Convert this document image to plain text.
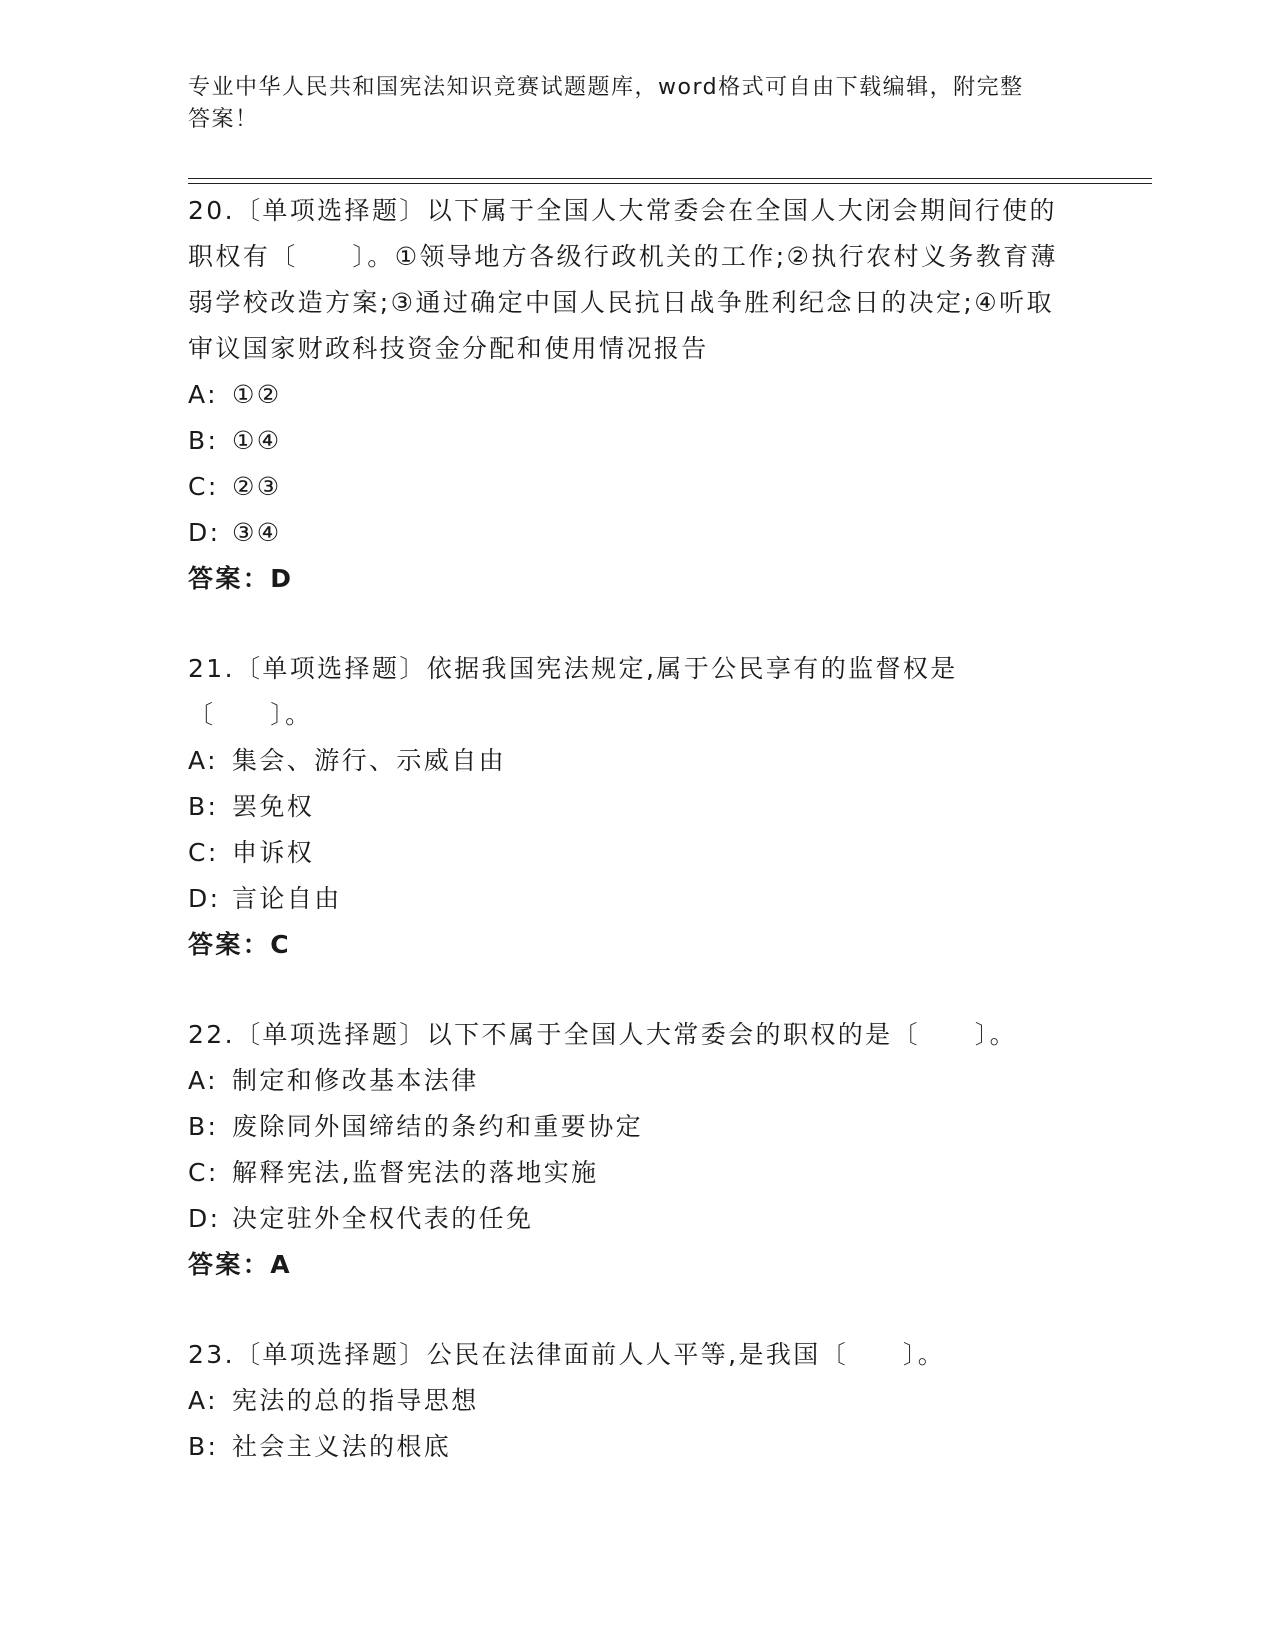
专业中华人民共和国宪法知识竞赛试题题库，word格式可自由下载编辑，附完整
答案！

20.〔单项选择题〕以下属于全国人大常委会在全国人大闭会期间行使的职权有〔　　〕。①领导地方各级行政机关的工作;②执行农村义务教育薄弱学校改造方案;③通过确定中国人民抗日战争胜利纪念日的决定;④听取审议国家财政科技资金分配和使用情况报告

A: ①②

B: ①④

C: ②③

D: ③④

答案：D

21.〔单项选择题〕依据我国宪法规定,属于公民享有的监督权是〔　　〕。

A: 集会、游行、示威自由

B: 罢免权

C: 申诉权

D: 言论自由

答案：C

22.〔单项选择题〕以下不属于全国人大常委会的职权的是〔　　〕。

A: 制定和修改基本法律

B: 废除同外国缔结的条约和重要协定

C: 解释宪法,监督宪法的落地实施

D: 决定驻外全权代表的任免

答案：A

23.〔单项选择题〕公民在法律面前人人平等,是我国〔　　〕。

A: 宪法的总的指导思想

B: 社会主义法的根底
